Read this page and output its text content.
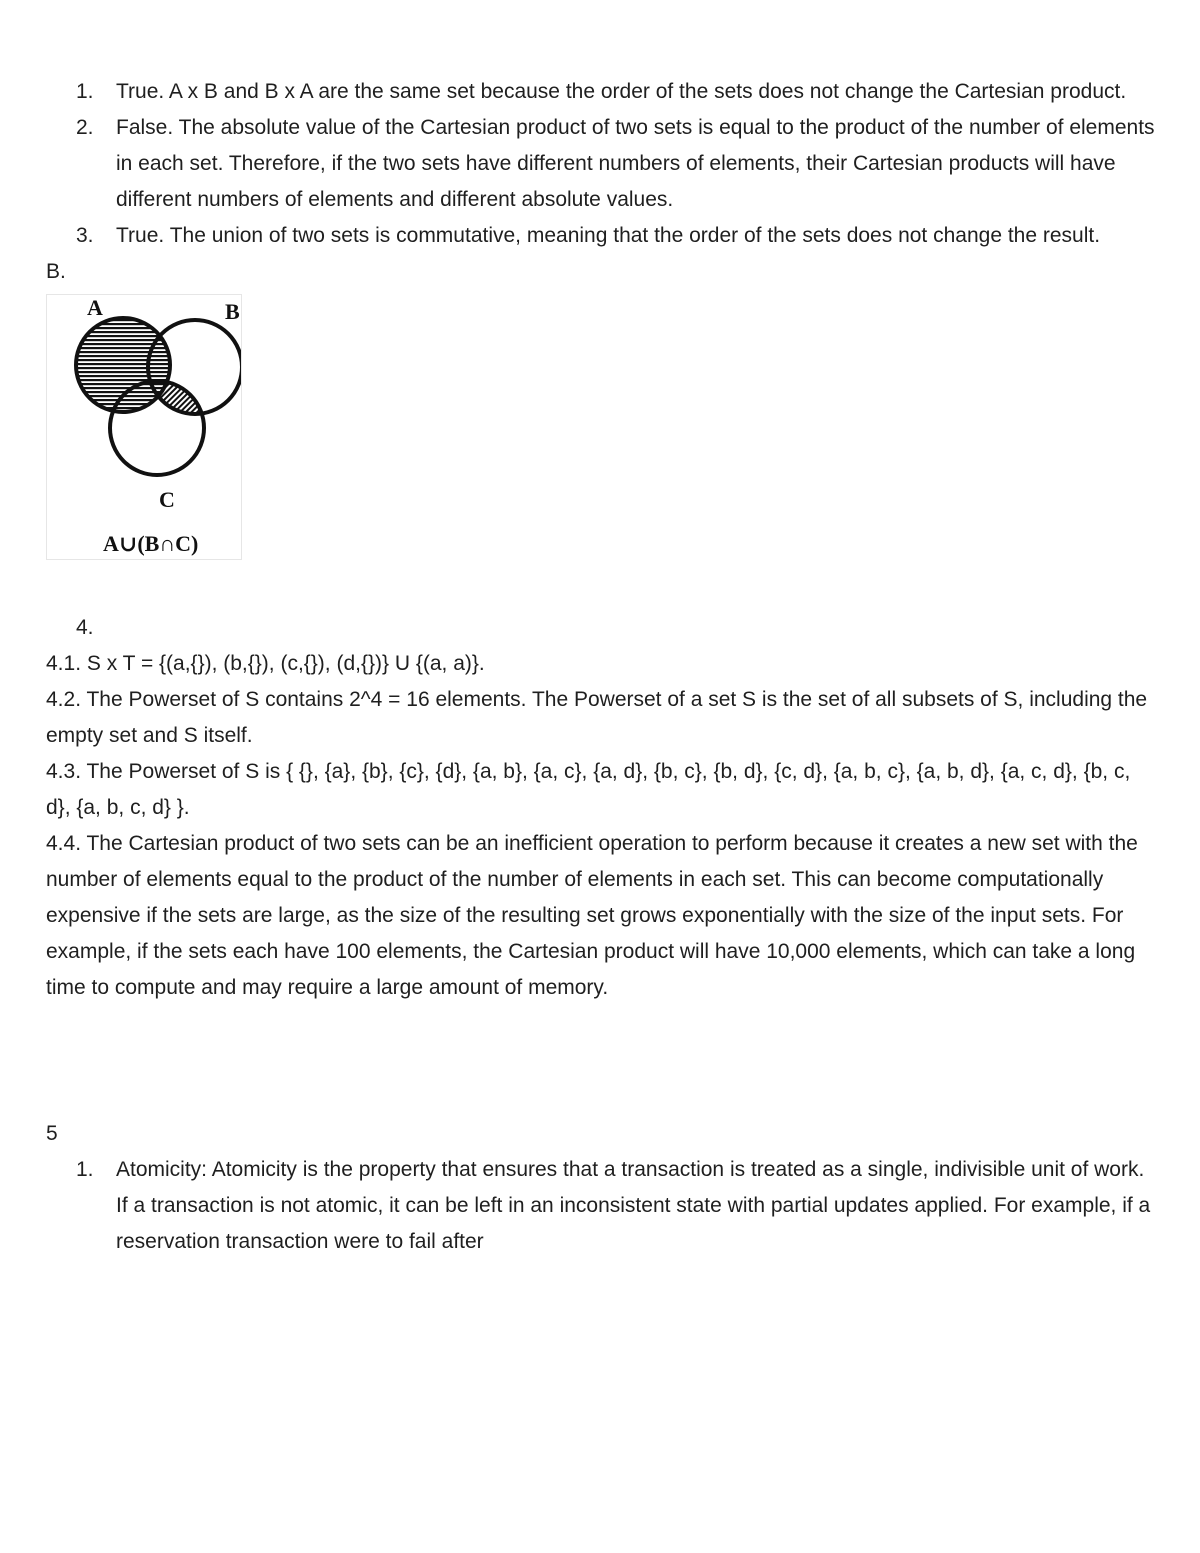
1. True. A x B and B x A are the same set because the order of the sets does not change the Cartesian product.
2. False. The absolute value of the Cartesian product of two sets is equal to the product of the number of elements in each set. Therefore, if the two sets have different numbers of elements, their Cartesian products will have different numbers of elements and different absolute values.
3. True. The union of two sets is commutative, meaning that the order of the sets does not change the result.

B.

A	B
C
A∪(B∩C)

4.

4.1. S x T = {(a,{}), (b,{}), (c,{}), (d,{})} U {(a, a)}.

4.2. The Powerset of S contains 2^4 = 16 elements. The Powerset of a set S is the set of all subsets of S, including the empty set and S itself.

4.3. The Powerset of S is { {}, {a}, {b}, {c}, {d}, {a, b}, {a, c}, {a, d}, {b, c}, {b, d}, {c, d}, {a, b, c}, {a, b, d}, {a, c, d}, {b, c, d}, {a, b, c, d} }.

4.4. The Cartesian product of two sets can be an inefficient operation to perform because it creates a new set with the number of elements equal to the product of the number of elements in each set. This can become computationally expensive if the sets are large, as the size of the resulting set grows exponentially with the size of the input sets. For example, if the sets each have 100 elements, the Cartesian product will have 10,000 elements, which can take a long time to compute and may require a large amount of memory.

5

1. Atomicity: Atomicity is the property that ensures that a transaction is treated as a single, indivisible unit of work. If a transaction is not atomic, it can be left in an inconsistent state with partial updates applied. For example, if a reservation transaction were to fail after
